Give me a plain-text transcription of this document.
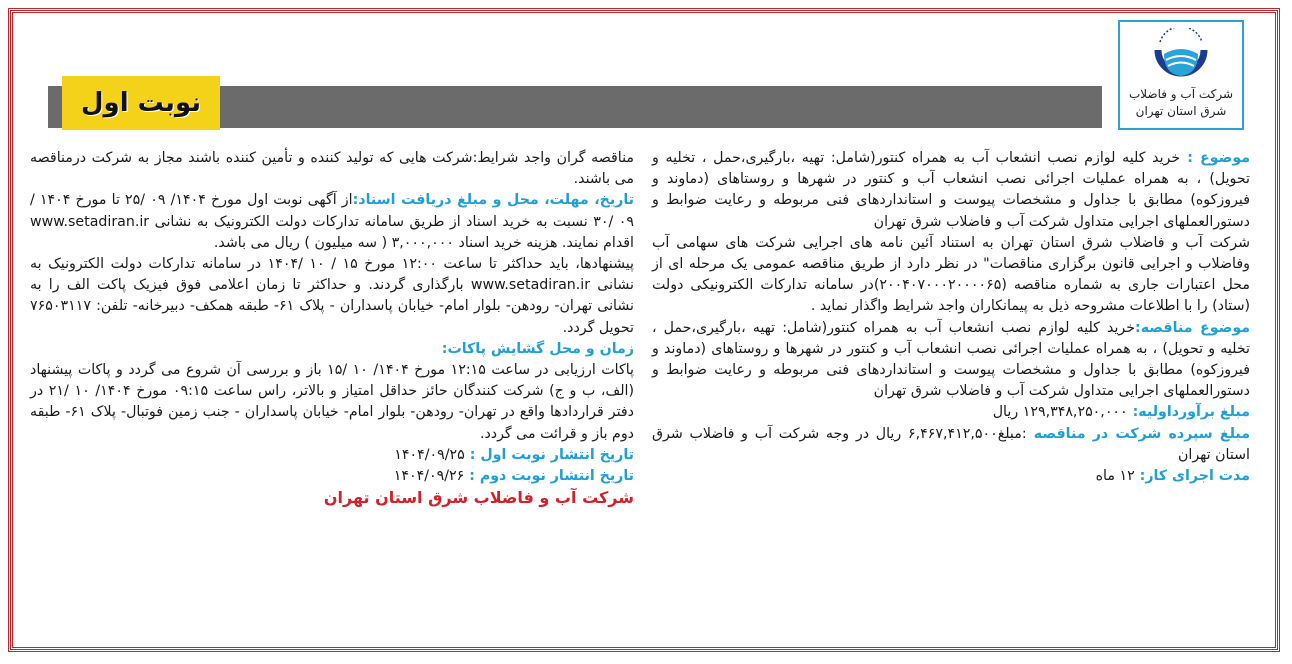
نوبت اول	شرکت آب و فاضلاب
شرق استان تهران

موضوع : خرید کلیه لوازم نصب انشعاب آب به همراه کنتور(شامل: تهیه ،بارگیری،حمل ، تخلیه و تحویل) ، به همراه عملیات اجرائی نصب انشعاب آب و کنتور در شهرها و روستاهای (دماوند و فیروزکوه) مطابق با جداول و مشخصات پیوست و استانداردهای فنی مربوطه و رعایت ضوابط و دستورالعملهای اجرایی متداول شرکت آب و فاضلاب شرق تهران

شرکت آب و فاضلاب شرق استان تهران به استناد آئین نامه های اجرایی شرکت های سهامی آب وفاضلاب و اجرایی قانون برگزاری مناقصات" در نظر دارد از طریق مناقصه عمومی یک مرحله ای از محل اعتبارات جاری به شماره مناقصه (۲۰۰۴۰۷۰۰۰۲۰۰۰۰۶۵)در سامانه تدارکات الکترونیکی دولت (ستاد) را با اطلاعات مشروحه ذیل به پیمانکاران واجد شرایط واگذار نماید .

موضوع مناقصه:خرید کلیه لوازم نصب انشعاب آب به همراه کنتور(شامل: تهیه ،بارگیری،حمل ، تخلیه و تحویل) ، به همراه عملیات اجرائی نصب انشعاب آب و کنتور در شهرها و روستاهای (دماوند و فیروزکوه) مطابق با جداول و مشخصات پیوست و استانداردهای فنی مربوطه و رعایت ضوابط و دستورالعملهای اجرایی متداول شرکت آب و فاضلاب شرق تهران

مبلغ برآورداولیه: ۱۲۹,۳۴۸,۲۵۰,۰۰۰ ریال

مبلغ سپرده شرکت در مناقصه :مبلغ۶,۴۶۷,۴۱۲,۵۰۰ ریال در وجه شرکت آب و فاضلاب شرق استان تهران

مدت اجرای کار: ۱۲ ماه

مناقصه گران واجد شرایط:شرکت هایی که تولید کننده و تأمین کننده باشند مجاز به شرکت درمناقصه می باشند.

تاریخ، مهلت، محل و مبلغ دریافت اسناد:از آگهی نوبت اول مورخ ۱۴۰۴/ ۰۹ /۲۵ تا مورخ ۱۴۰۴ / ۰۹ /۳۰ نسبت به خرید اسناد از طریق سامانه تدارکات دولت الکترونیک به نشانی www.setadiran.ir اقدام نمایند. هزینه خرید اسناد ۳,۰۰۰,۰۰۰ ( سه میلیون ) ریال می باشد.

پیشنهادها، باید حداکثر تا ساعت ۱۲:۰۰ مورخ ۱۵ / ۱۰ /۱۴۰۴ در سامانه تدارکات دولت الکترونیک به نشانی www.setadiran.ir بارگذاری گردند. و حداکثر تا زمان اعلامی فوق فیزیک پاکت الف را به نشانی تهران- رودهن- بلوار امام- خیابان پاسداران - پلاک ۶۱- طبقه همکف- دبیرخانه- تلفن: ۷۶۵۰۳۱۱۷ تحویل گردد.

زمان و محل گشایش پاکات:

پاکات ارزیابی در ساعت ۱۲:۱۵ مورخ ۱۴۰۴/ ۱۰ /۱۵ باز و بررسی آن شروع می گردد و پاکات پیشنهاد (الف، ب و ج) شرکت کنندگان حائز حداقل امتیاز و بالاتر، راس ساعت ۰۹:۱۵ مورخ ۱۴۰۴/ ۱۰ /۲۱ در دفتر قراردادها واقع در تهران- رودهن- بلوار امام- خیابان پاسداران - جنب زمین فوتبال- پلاک ۶۱- طبقه دوم باز و قرائت می گردد.

تاریخ انتشار نوبت اول : ۱۴۰۴/۰۹/۲۵

تاریخ انتشار نوبت دوم : ۱۴۰۴/۰۹/۲۶

شرکت آب و فاضلاب شرق استان تهران
